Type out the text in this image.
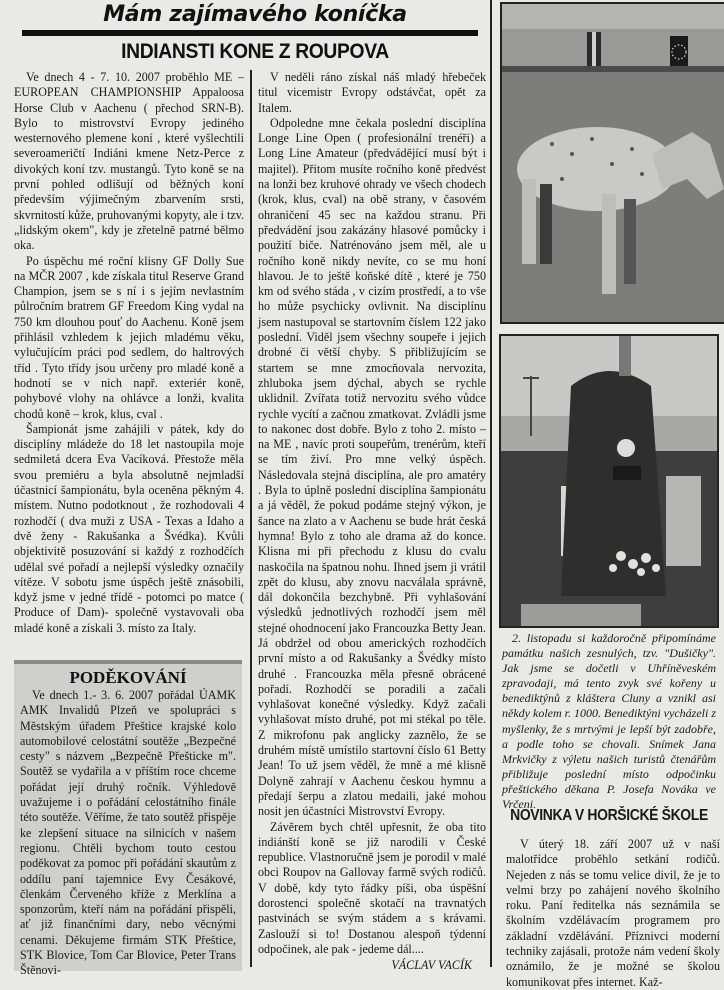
Mám zajímavého koníčka
INDIANSTI KONE Z ROUPOVA

Ve dnech 4 - 7. 10. 2007 proběhlo ME – EUROPEAN CHAMPIONSHIP Appaloosa Horse Club v Aachenu ( přechod SRN-B). Bylo to mistrovství Evropy jediného westernového plemene koní , které vyšlechtili severoameričtí Indiáni kmene Netz-Perce z divokých koní tzv. mustangů. Tyto koně se na první pohled odlišují od běžných koní především výjimečným zbarvením srsti, skvrnitostí kůže, pruhovanými kopyty, ale i tzv. „lidským okem", kdy je zřetelně patrné bělmo oka.

Po úspěchu mé roční klisny GF Dolly Sue na MČR 2007 , kde získala titul Reserve Grand Champion, jsem se s ní i s jejím nevlastním půlročním bratrem GF Freedom King vydal na 750 km dlouhou pouť do Aachenu. Koně jsem přihlásil vzhledem k jejich mladému věku, vylučujícím práci pod sedlem, do haltrových tříd . Tyto třídy jsou určeny pro mladé koně a hodnotí se v nich např. exteriér koně, pohybové vlohy na ohlávce a lonži, kvalita chodů koně – krok, klus, cval .

Šampionát jsme zahájili v pátek, kdy do disciplíny mládeže do 18 let nastoupila moje sedmiletá dcera Eva Vacíková. Přestože měla svou premiéru a byla absolutně nejmladší účastnicí šampionátu, byla oceněna pěkným 4. místem. Nutno podotknout , že rozhodovali 4 rozhodčí ( dva muži z USA - Texas a Idaho a dvě ženy - Rakušanka a Švédka). Kvůli objektivitě posuzování si každý z rozhodčích udělal své pořadí a nejlepší výsledky označily vítěze. V sobotu jsme úspěch ještě znásobili, když jsme v jedné třídě - potomci po matce ( Produce of Dam)- společně vystavovali oba mladé koně a získali 3. místo za Italy.

PODĚKOVÁNÍ

Ve dnech 1.- 3. 6. 2007 pořádal ÚAMK AMK Invalidů Plzeň ve spolupráci s Městským úřadem Přeštice krajské kolo automobilové celostátní soutěže „Bezpečné cesty" s názvem „Bezpečně Přešticke m". Soutěž se vydařila a v příštím roce chceme pořádat její druhý ročník. Výhledově uvažujeme i o pořádání celostátního finále této soutěže. Věříme, že tato soutěž přispěje ke zlepšení situace na silnicích v našem regionu. Chtěli bychom touto cestou poděkovat za pomoc při pořádání skautům z oddílu paní tajemnice Evy Česákové, členkám Červeného kříže z Merklína a sponzorům, kteří nám na pořádání přispěli, ať již finančními dary, nebo věcnými cenami. Děkujeme firmám STK Přeštice, STK Blovice, Tom Car Blovice, Peter Trans Štěnovi-

V neděli ráno získal náš mladý hřebeček titul vicemistr Evropy odstávčat, opět za Italem.

Odpoledne mne čekala poslední disciplína Longe Line Open ( profesionální trenéři) a Long Line Amateur (předvádějící musí být i majitel). Přitom musíte ročního koně předvést na lonži bez kruhové ohrady ve všech chodech (krok, klus, cval) na obě strany, v časovém ohraničení 45 sec na každou stranu. Při předvádění jsou zakázány hlasové pomůcky i použití biče. Natrénováno jsem měl, ale u ročního koně nikdy nevíte, co se mu honí hlavou. Je to ještě koňské dítě , které je 750 km od svého stáda , v cizím prostředí, a to vše ho může psychicky ovlivnit. Na disciplínu jsem nastupoval se startovním číslem 122 jako poslední. Viděl jsem všechny soupeře i jejich drobné či větší chyby. S přibližujícím se startem se mne zmocňovala nervozita, zhluboka jsem dýchal, abych se rychle uklidnil. Zvířata totiž nervozitu svého vůdce rychle vycítí a začnou zmatkovat. Zvládli jsme to nakonec dost dobře. Bylo z toho 2. místo – na ME , navíc proti soupeřům, trenérům, kteří se tím živí. Pro mne velký úspěch. Následovala stejná disciplína, ale pro amatéry . Byla to úplně poslední disciplína šampionátu a já věděl, že pokud podáme stejný výkon, je šance na zlato a v Aachenu se bude hrát česká hymna! Bylo z toho ale drama až do konce. Klisna mi při přechodu z klusu do cvalu naskočila na špatnou nohu. Ihned jsem ji vrátil zpět do klusu, aby znovu nacválala správně, dál dokončila bezchybně. Při vyhlašování výsledků jednotlivých rozhodčí jsem měl stejné ohodnocení jako Francouzka Betty Jean. Já obdržel od obou amerických rozhodčích první místo a od Rakušanky a Švédky místo druhé . Francouzka měla přesně obrácené pořadí. Rozhodčí se poradili a začali vyhlašovat konečné výsledky. Když začali vyhlašovat místo druhé, pot mi stékal po těle. Z mikrofonu pak anglicky zaznělo, že se druhém místě umístilo startovní číslo 61 Betty Jean! To už jsem věděl, že mně a mé klisně Dolyně zahrají v Aachenu českou hymnu a předají šerpu a zlatou medaili, jaké mohou nosit jen účastníci Mistrovství Evropy.

Závěrem bych chtěl upřesnit, že oba tito indiánští koně se již narodili v České republice. Vlastnoručně jsem je porodil v malé obci Roupov na Gallovay farmě svých rodičů. V době, kdy tyto řádky píši, oba úspěšní dorostenci společně skotačí na travnatých pastvinách se svým stádem a s krávami. Zaslouží si to! Dostanou alespoň týdenní odpočinek, ale pak - jedeme dál....

VÁCLAV VACÍK

2. listopadu si každoročně připomínáme památku našich zesnulých, tzv. "Dušičky". Jak jsme se dočetli v Uhříněveském zpravodaji, má tento zvyk své kořeny u benediktýnů z kláštera Cluny a vznikl asi někdy kolem r. 1000. Benediktýni vycházeli z myšlenky, že s mrtvými je lepší být zadobře, a podle toho se chovali. Snímek Jana Mrkvičky z výletu našich turistů čtenářům přibližuje poslední místo odpočinku přeštického děkana P. Josefa Nováka ve Vrčeni.

NOVINKA V HORŠICKÉ ŠKOLE

V úterý 18. září 2007 už v naší malotřídce proběhlo setkání rodičů. Nejeden z nás se tomu velice divil, že je to velmi brzy po zahájení nového školního roku. Paní ředitelka nás seznámila se školním vzdělávacím programem pro základní vzdělávání. Příznivci moderní techniky zajásali, protože nám vedení školy oznámilo, že je možné se školou komunikovat přes internet. Kaž-
